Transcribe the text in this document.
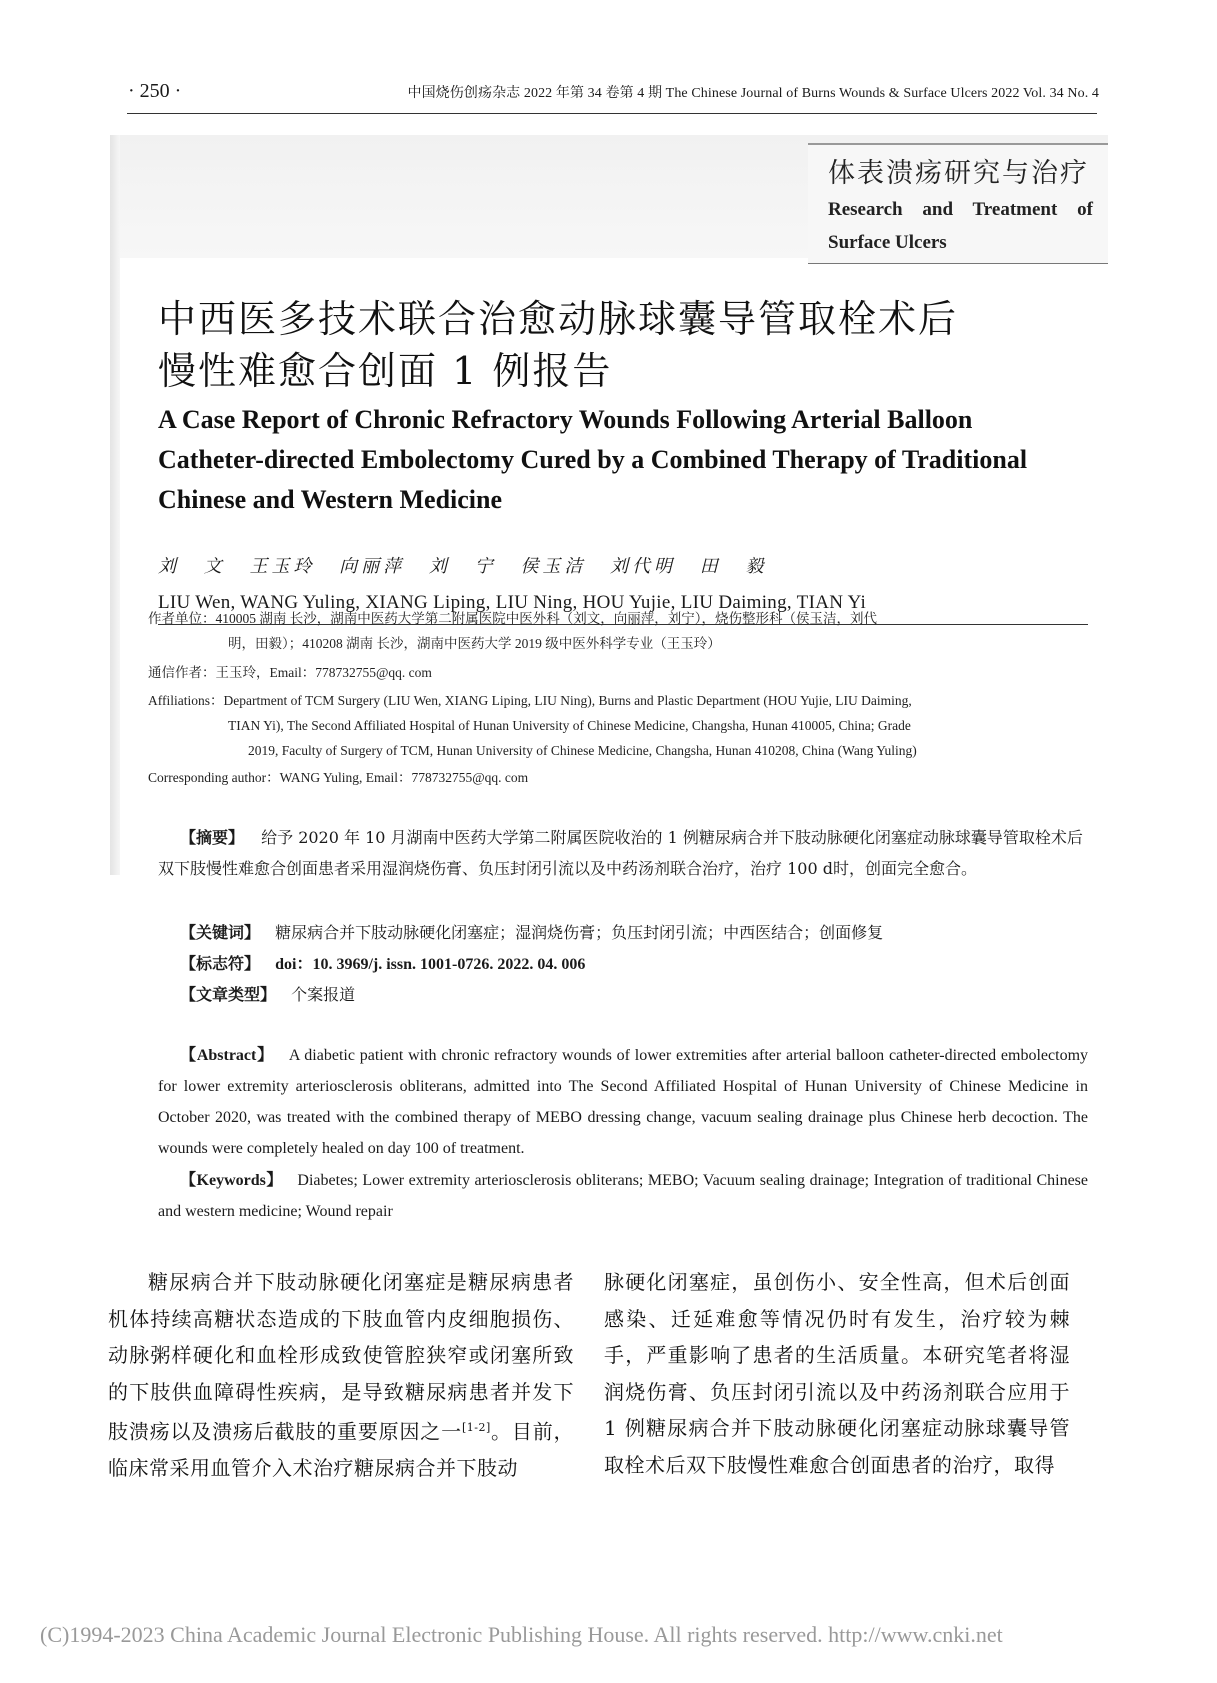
· 250 ·	中国烧伤创疡杂志 2022 年第 34 卷第 4 期 The Chinese Journal of Burns Wounds & Surface Ulcers 2022 Vol. 34 No. 4
体表溃疡研究与治疗
Research and Treatment of Surface Ulcers
中西医多技术联合治愈动脉球囊导管取栓术后
慢性难愈合创面 1 例报告
A Case Report of Chronic Refractory Wounds Following Arterial Balloon Catheter-directed Embolectomy Cured by a Combined Therapy of Traditional Chinese and Western Medicine
刘 文 王玉玲 向丽萍 刘 宁 侯玉洁 刘代明 田 毅
LIU Wen, WANG Yuling, XIANG Liping, LIU Ning, HOU Yujie, LIU Daiming, TIAN Yi
作者单位：410005 湖南 长沙，湖南中医药大学第二附属医院中医外科（刘文，向丽萍，刘宁），烧伤整形科（侯玉洁，刘代
明，田毅）；410208 湖南 长沙，湖南中医药大学 2019 级中医外科学专业（王玉玲）
通信作者：王玉玲，Email：778732755@qq. com
Affiliations：Department of TCM Surgery (LIU Wen, XIANG Liping, LIU Ning), Burns and Plastic Department (HOU Yujie, LIU Daiming,
TIAN Yi), The Second Affiliated Hospital of Hunan University of Chinese Medicine, Changsha, Hunan 410005, China; Grade
2019, Faculty of Surgery of TCM, Hunan University of Chinese Medicine, Changsha, Hunan 410208, China (Wang Yuling)
Corresponding author：WANG Yuling, Email：778732755@qq. com
【摘要】 给予 2020 年 10 月湖南中医药大学第二附属医院收治的 1 例糖尿病合并下肢动脉硬化闭塞症动脉球囊导管取栓术后双下肢慢性难愈合创面患者采用湿润烧伤膏、负压封闭引流以及中药汤剂联合治疗，治疗 100 d时，创面完全愈合。
【关键词】 糖尿病合并下肢动脉硬化闭塞症；湿润烧伤膏；负压封闭引流；中西医结合；创面修复
【标志符】 doi：10. 3969/j. issn. 1001-0726. 2022. 04. 006
【文章类型】 个案报道
【Abstract】 A diabetic patient with chronic refractory wounds of lower extremities after arterial balloon catheter-directed embolectomy for lower extremity arteriosclerosis obliterans, admitted into The Second Affiliated Hospital of Hunan University of Chinese Medicine in October 2020, was treated with the combined therapy of MEBO dressing change, vacuum sealing drainage plus Chinese herb decoction. The wounds were completely healed on day 100 of treatment.
【Keywords】 Diabetes; Lower extremity arteriosclerosis obliterans; MEBO; Vacuum sealing drainage; Integration of traditional Chinese and western medicine; Wound repair
糖尿病合并下肢动脉硬化闭塞症是糖尿病患者机体持续高糖状态造成的下肢血管内皮细胞损伤、动脉粥样硬化和血栓形成致使管腔狭窄或闭塞所致的下肢供血障碍性疾病，是导致糖尿病患者并发下肢溃疡以及溃疡后截肢的重要原因之一[1-2]。目前，临床常采用血管介入术治疗糖尿病合并下肢动
脉硬化闭塞症，虽创伤小、安全性高，但术后创面感染、迁延难愈等情况仍时有发生，治疗较为棘手，严重影响了患者的生活质量。本研究笔者将湿润烧伤膏、负压封闭引流以及中药汤剂联合应用于 1 例糖尿病合并下肢动脉硬化闭塞症动脉球囊导管取栓术后双下肢慢性难愈合创面患者的治疗，取得
(C)1994-2023 China Academic Journal Electronic Publishing House. All rights reserved. http://www.cnki.net
